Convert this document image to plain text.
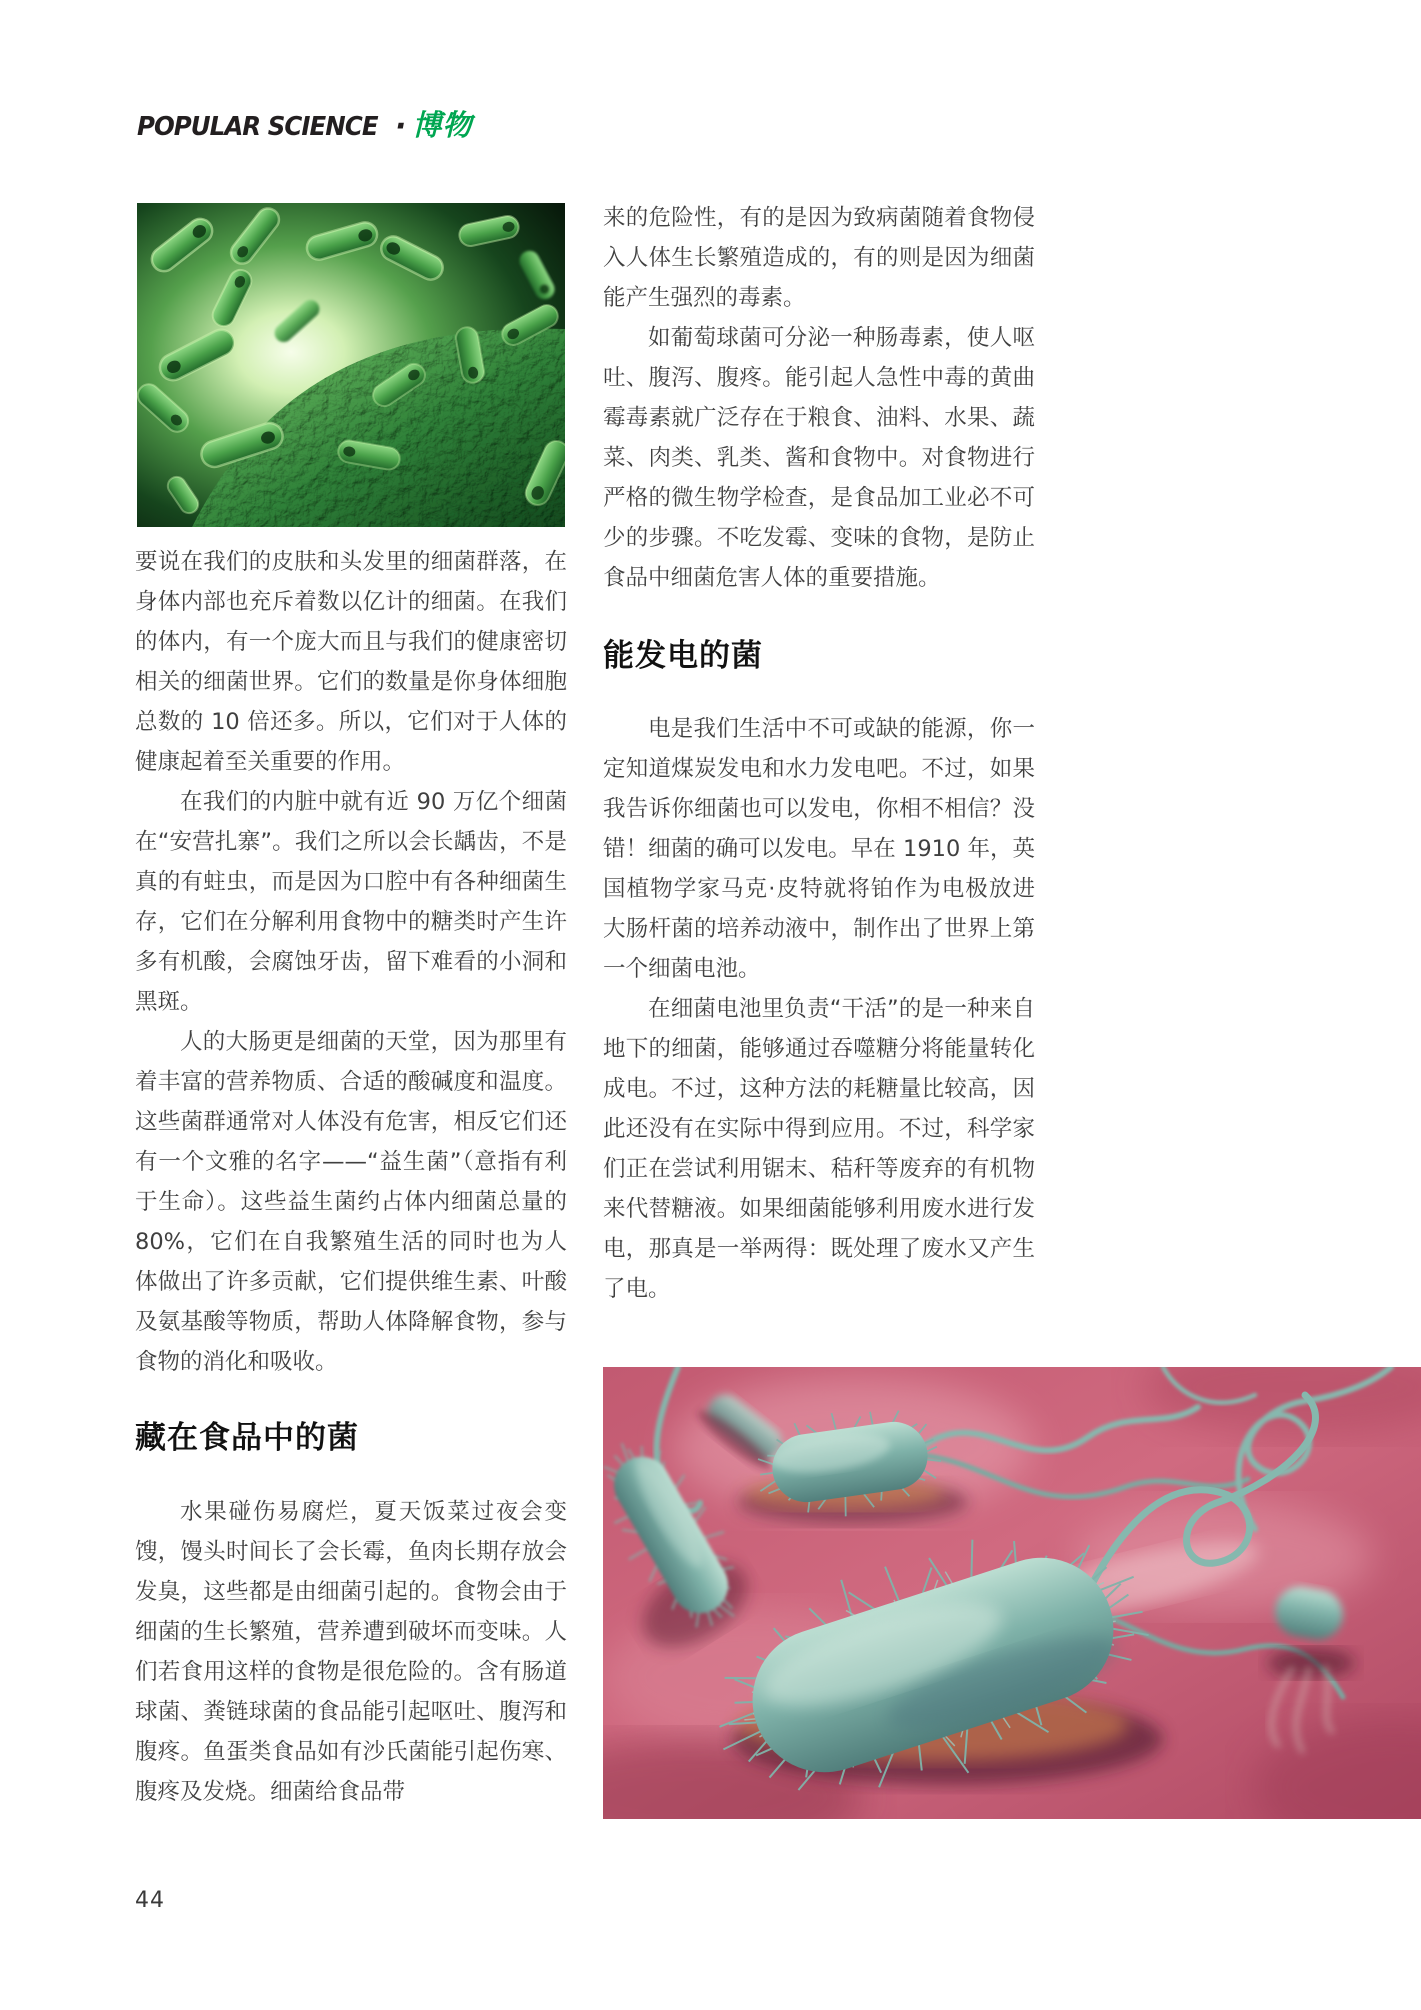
POPULAR SCIENCE · 博物

要说在我们的皮肤和头发里的细菌群落，在身体内部也充斥着数以亿计的细菌。在我们的体内，有一个庞大而且与我们的健康密切相关的细菌世界。它们的数量是你身体细胞总数的 10 倍还多。所以，它们对于人体的健康起着至关重要的作用。

在我们的内脏中就有近 90 万亿个细菌在“安营扎寨”。我们之所以会长龋齿，不是真的有蛀虫，而是因为口腔中有各种细菌生存，它们在分解利用食物中的糖类时产生许多有机酸，会腐蚀牙齿，留下难看的小洞和黑斑。

人的大肠更是细菌的天堂，因为那里有着丰富的营养物质、合适的酸碱度和温度。这些菌群通常对人体没有危害，相反它们还有一个文雅的名字——“益生菌”（意指有利于生命）。这些益生菌约占体内细菌总量的 80%，它们在自我繁殖生活的同时也为人体做出了许多贡献，它们提供维生素、叶酸及氨基酸等物质，帮助人体降解食物，参与食物的消化和吸收。

藏在食品中的菌

水果碰伤易腐烂，夏天饭菜过夜会变馊，馒头时间长了会长霉，鱼肉长期存放会发臭，这些都是由细菌引起的。食物会由于细菌的生长繁殖，营养遭到破坏而变味。人们若食用这样的食物是很危险的。含有肠道球菌、粪链球菌的食品能引起呕吐、腹泻和腹疼。鱼蛋类食品如有沙氏菌能引起伤寒、腹疼及发烧。细菌给食品带

来的危险性，有的是因为致病菌随着食物侵入人体生长繁殖造成的，有的则是因为细菌能产生强烈的毒素。

如葡萄球菌可分泌一种肠毒素，使人呕吐、腹泻、腹疼。能引起人急性中毒的黄曲霉毒素就广泛存在于粮食、油料、水果、蔬菜、肉类、乳类、酱和食物中。对食物进行严格的微生物学检查，是食品加工业必不可少的步骤。不吃发霉、变味的食物，是防止食品中细菌危害人体的重要措施。

能发电的菌

电是我们生活中不可或缺的能源，你一定知道煤炭发电和水力发电吧。不过，如果我告诉你细菌也可以发电，你相不相信？没错！细菌的确可以发电。早在 1910 年，英国植物学家马克·皮特就将铂作为电极放进大肠杆菌的培养动液中，制作出了世界上第一个细菌电池。

在细菌电池里负责“干活”的是一种来自地下的细菌，能够通过吞噬糖分将能量转化成电。不过，这种方法的耗糖量比较高，因此还没有在实际中得到应用。不过，科学家们正在尝试利用锯末、秸秆等废弃的有机物来代替糖液。如果细菌能够利用废水进行发电，那真是一举两得：既处理了废水又产生了电。

44
